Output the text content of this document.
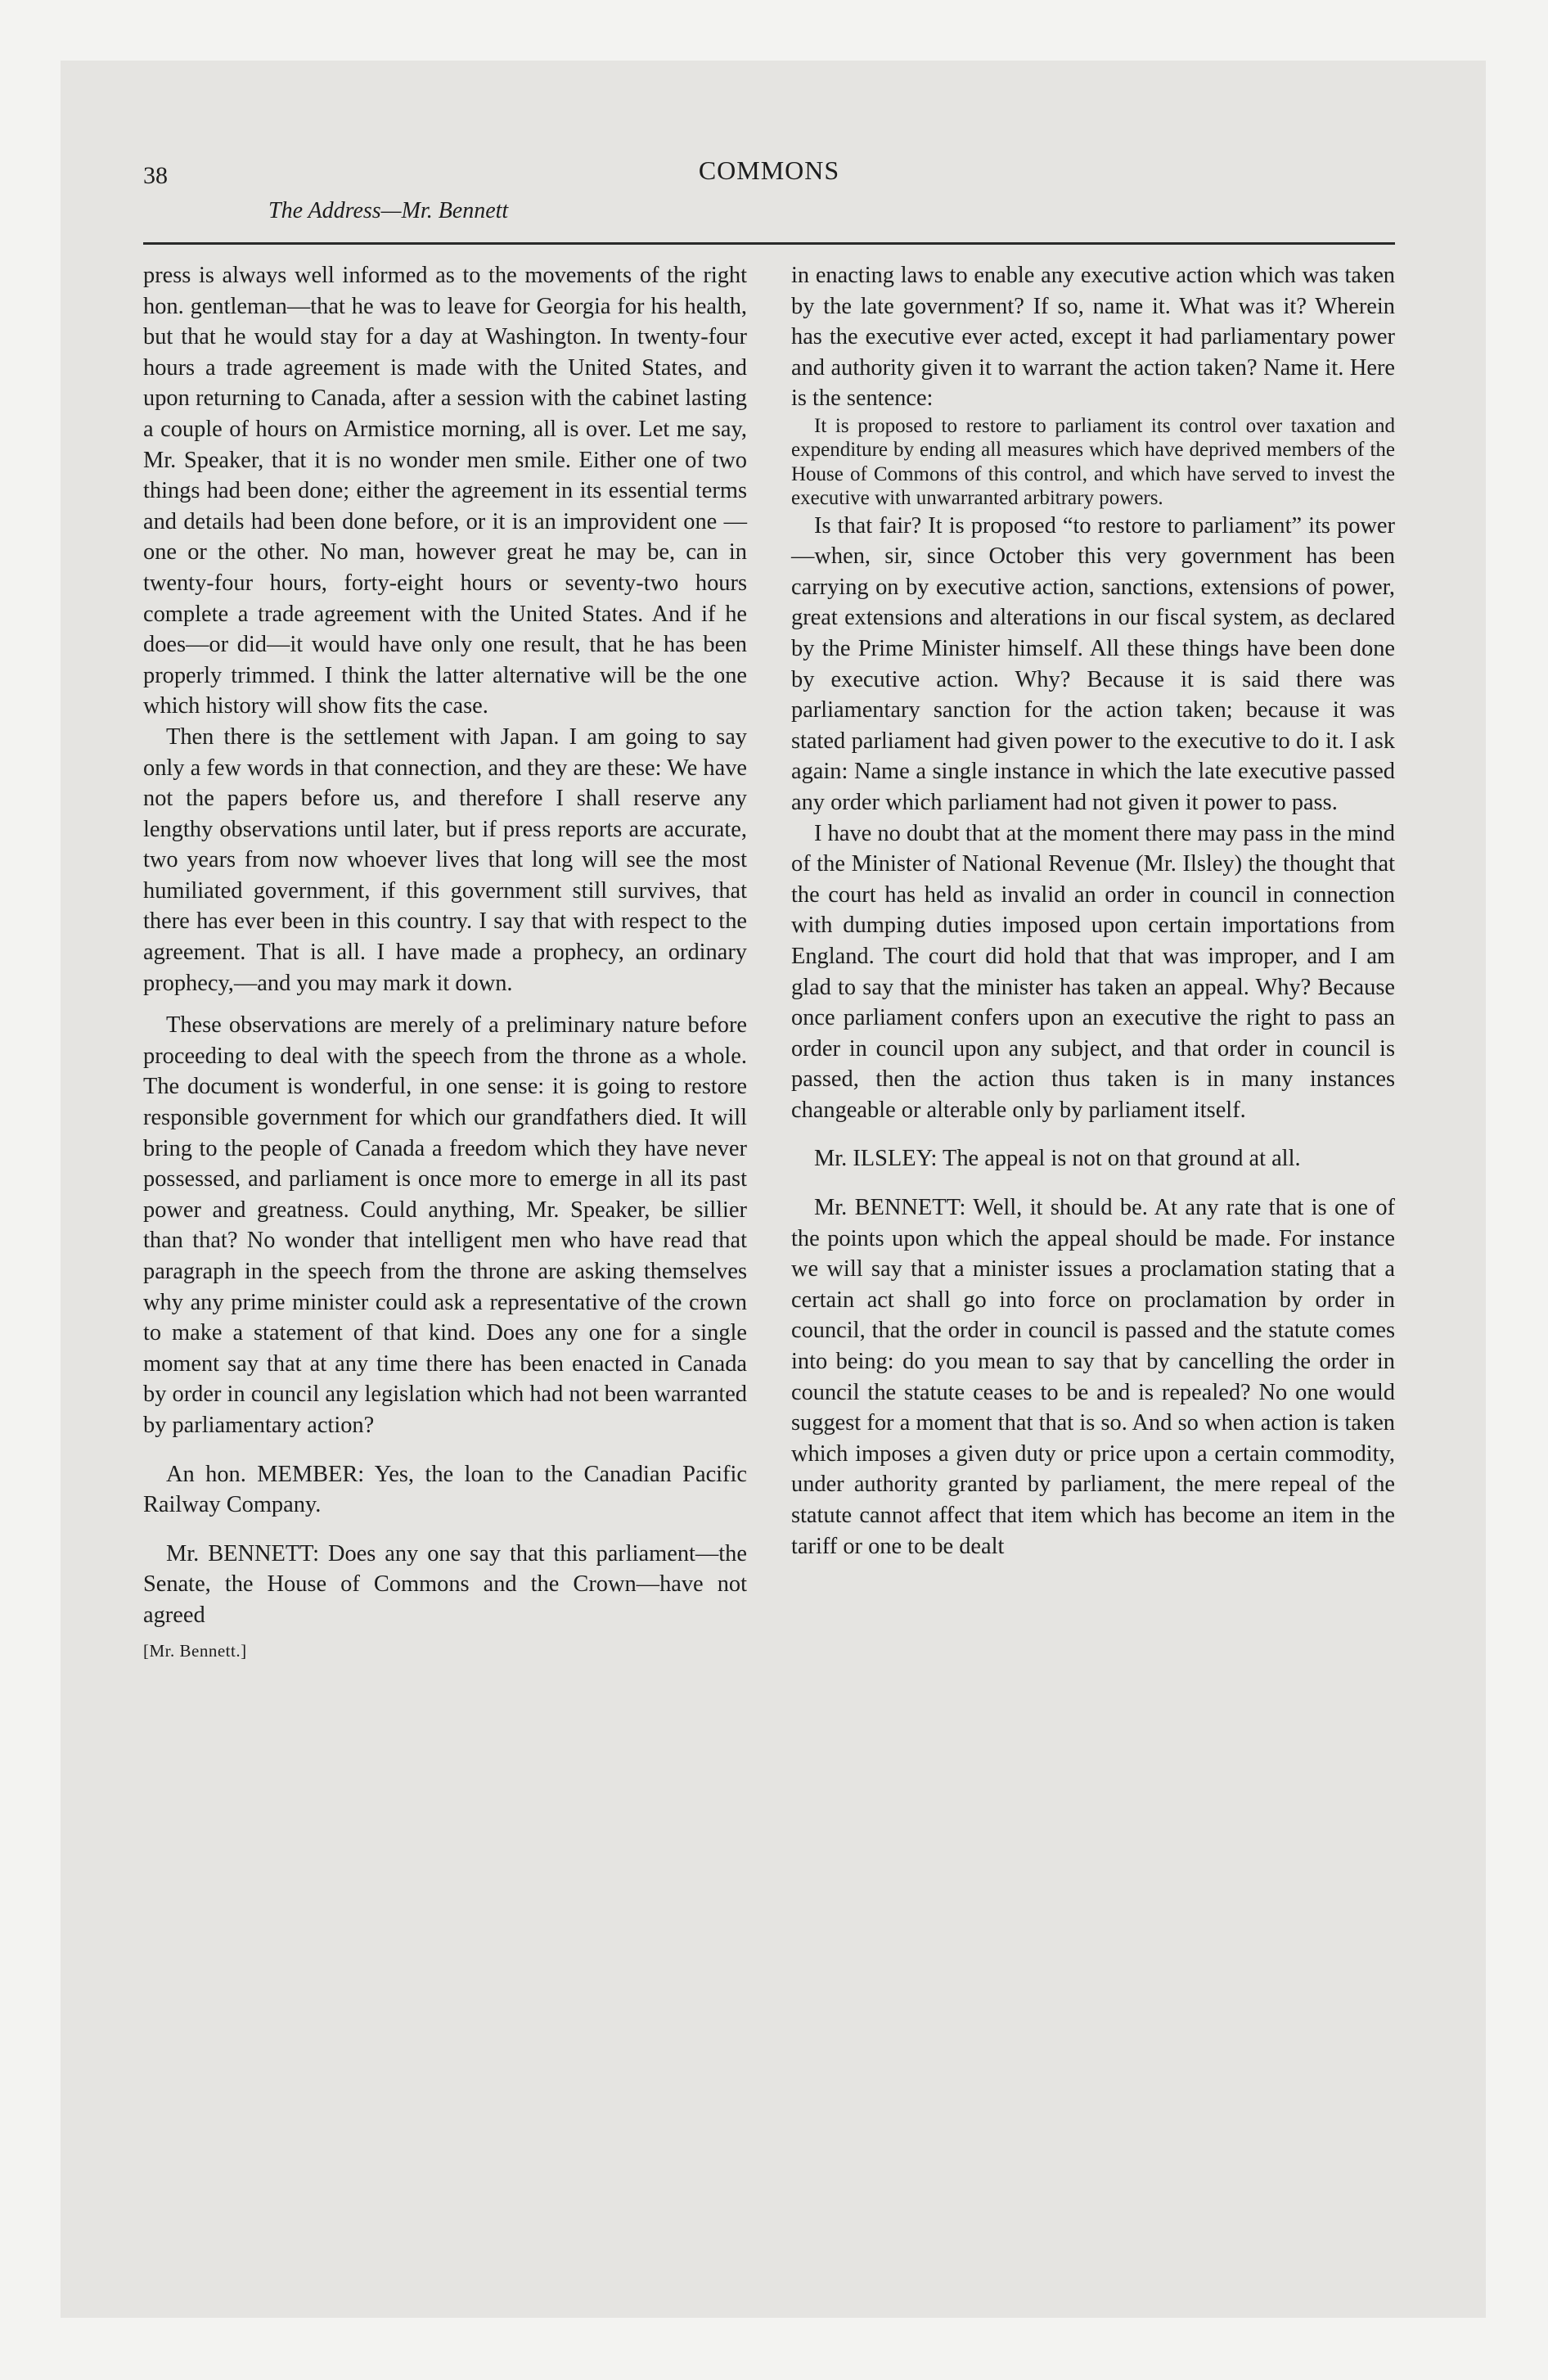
38	COMMONS
The Address—Mr. Bennett

press is always well informed as to the movements of the right hon. gentleman—that he was to leave for Georgia for his health, but that he would stay for a day at Washington. In twenty-four hours a trade agreement is made with the United States, and upon returning to Canada, after a session with the cabinet lasting a couple of hours on Armistice morning, all is over. Let me say, Mr. Speaker, that it is no wonder men smile. Either one of two things had been done; either the agreement in its essential terms and details had been done before, or it is an improvident one —one or the other. No man, however great he may be, can in twenty-four hours, forty-eight hours or seventy-two hours complete a trade agreement with the United States. And if he does—or did—it would have only one result, that he has been properly trimmed. I think the latter alternative will be the one which history will show fits the case.

Then there is the settlement with Japan. I am going to say only a few words in that connection, and they are these: We have not the papers before us, and therefore I shall reserve any lengthy observations until later, but if press reports are accurate, two years from now whoever lives that long will see the most humiliated government, if this government still survives, that there has ever been in this country. I say that with respect to the agreement. That is all. I have made a prophecy, an ordinary prophecy,—and you may mark it down.

These observations are merely of a preliminary nature before proceeding to deal with the speech from the throne as a whole. The document is wonderful, in one sense: it is going to restore responsible government for which our grandfathers died. It will bring to the people of Canada a freedom which they have never possessed, and parliament is once more to emerge in all its past power and greatness. Could anything, Mr. Speaker, be sillier than that? No wonder that intelligent men who have read that paragraph in the speech from the throne are asking themselves why any prime minister could ask a representative of the crown to make a statement of that kind. Does any one for a single moment say that at any time there has been enacted in Canada by order in council any legislation which had not been warranted by parliamentary action?

An hon. MEMBER: Yes, the loan to the Canadian Pacific Railway Company.

Mr. BENNETT: Does any one say that this parliament—the Senate, the House of Commons and the Crown—have not agreed

[Mr. Bennett.]

in enacting laws to enable any executive action which was taken by the late government? If so, name it. What was it? Wherein has the executive ever acted, except it had parliamentary power and authority given it to warrant the action taken? Name it. Here is the sentence:

It is proposed to restore to parliament its control over taxation and expenditure by ending all measures which have deprived members of the House of Commons of this control, and which have served to invest the executive with unwarranted arbitrary powers.

Is that fair? It is proposed “to restore to parliament” its power—when, sir, since October this very government has been carrying on by executive action, sanctions, extensions of power, great extensions and alterations in our fiscal system, as declared by the Prime Minister himself. All these things have been done by executive action. Why? Because it is said there was parliamentary sanction for the action taken; because it was stated parliament had given power to the executive to do it. I ask again: Name a single instance in which the late executive passed any order which parliament had not given it power to pass.

I have no doubt that at the moment there may pass in the mind of the Minister of National Revenue (Mr. Ilsley) the thought that the court has held as invalid an order in council in connection with dumping duties imposed upon certain importations from England. The court did hold that that was improper, and I am glad to say that the minister has taken an appeal. Why? Because once parliament confers upon an executive the right to pass an order in council upon any subject, and that order in council is passed, then the action thus taken is in many instances changeable or alterable only by parliament itself.

Mr. ILSLEY: The appeal is not on that ground at all.

Mr. BENNETT: Well, it should be. At any rate that is one of the points upon which the appeal should be made. For instance we will say that a minister issues a proclamation stating that a certain act shall go into force on proclamation by order in council, that the order in council is passed and the statute comes into being: do you mean to say that by cancelling the order in council the statute ceases to be and is repealed? No one would suggest for a moment that that is so. And so when action is taken which imposes a given duty or price upon a certain commodity, under authority granted by parliament, the mere repeal of the statute cannot affect that item which has become an item in the tariff or one to be dealt
